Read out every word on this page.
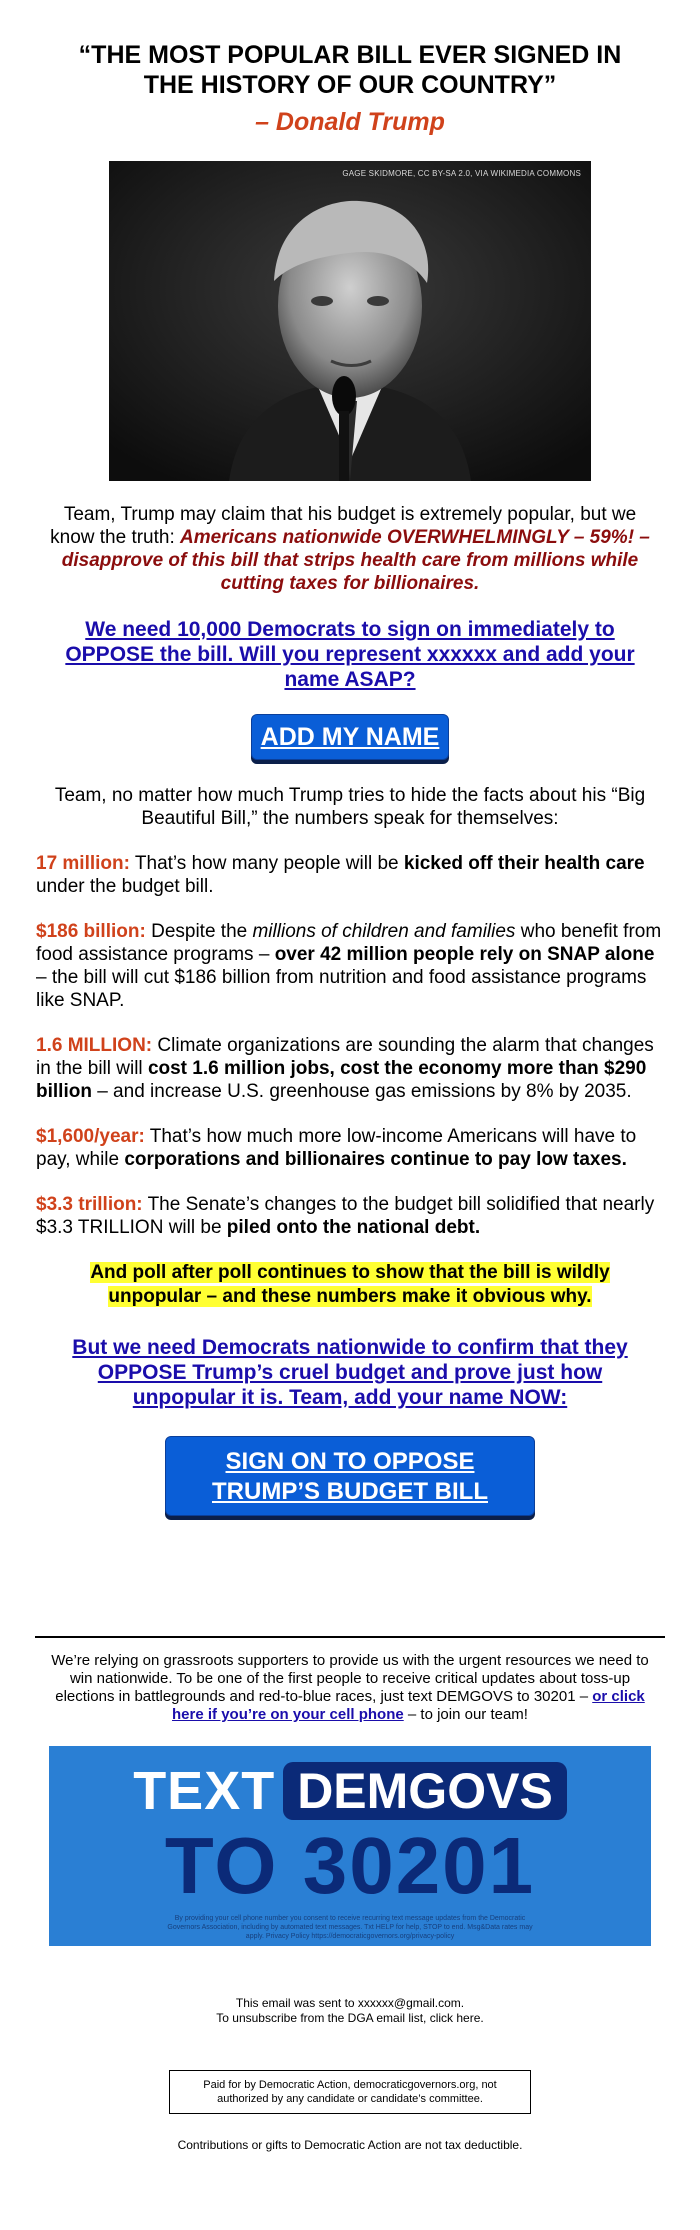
“THE MOST POPULAR BILL EVER SIGNED IN THE HISTORY OF OUR COUNTRY”
– Donald Trump
GAGE SKIDMORE, CC BY-SA 2.0, VIA WIKIMEDIA COMMONS

Team, Trump may claim that his budget is extremely popular, but we know the truth: Americans nationwide OVERWHELMINGLY – 59%! – disapprove of this bill that strips health care from millions while cutting taxes for billionaires.

We need 10,000 Democrats to sign on immediately to OPPOSE the bill. Will you represent xxxxxx and add your name ASAP?
ADD MY NAME

Team, no matter how much Trump tries to hide the facts about his “Big Beautiful Bill,” the numbers speak for themselves:

17 million: That’s how many people will be kicked off their health care under the budget bill.

$186 billion: Despite the millions of children and families who benefit from food assistance programs – over 42 million people rely on SNAP alone – the bill will cut $186 billion from nutrition and food assistance programs like SNAP.

1.6 MILLION: Climate organizations are sounding the alarm that changes in the bill will cost 1.6 million jobs, cost the economy more than $290 billion – and increase U.S. greenhouse gas emissions by 8% by 2035.

$1,600/year: That’s how much more low-income Americans will have to pay, while corporations and billionaires continue to pay low taxes.

$3.3 trillion: The Senate’s changes to the budget bill solidified that nearly $3.3 TRILLION will be piled onto the national debt.

And poll after poll continues to show that the bill is wildly unpopular – and these numbers make it obvious why.

But we need Democrats nationwide to confirm that they OPPOSE Trump’s cruel budget and prove just how unpopular it is. Team, add your name NOW:
SIGN ON TO OPPOSE
TRUMP’S BUDGET BILL

We’re relying on grassroots supporters to provide us with the urgent resources we need to win nationwide. To be one of the first people to receive critical updates about toss-up elections in battlegrounds and red-to-blue races, just text DEMGOVS to 30201 – or click here if you’re on your cell phone – to join our team!

TEXT DEMGOVS
TO 30201
By providing your cell phone number you consent to receive recurring text message updates from the Democratic Governors Association, including by automated text messages. Txt HELP for help, STOP to end. Msg&Data rates may apply. Privacy Policy https://democraticgovernors.org/privacy-policy
This email was sent to xxxxxx@gmail.com.
To unsubscribe from the DGA email list, click here.
Paid for by Democratic Action, democraticgovernors.org, not authorized by any candidate or candidate’s committee.
Contributions or gifts to Democratic Action are not tax deductible.
